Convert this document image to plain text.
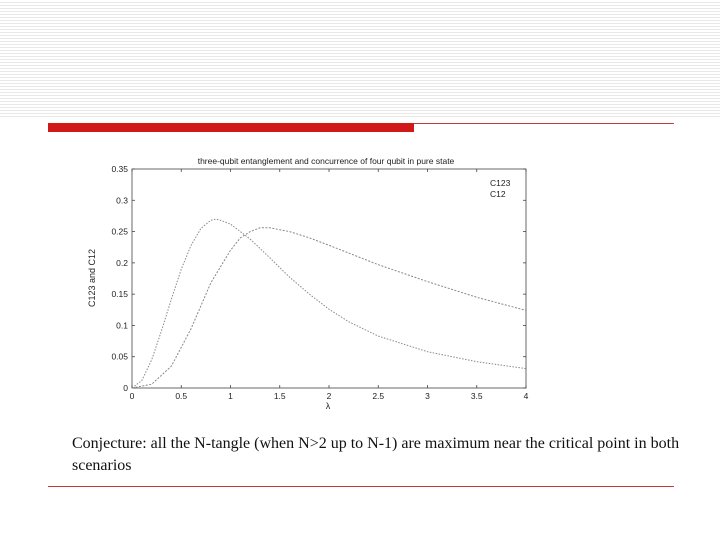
three-qubit entanglement and concurrence of four qubit in pure state
C123 and C12
λ
0	0.5	1	1.5	2	2.5	3	3.5	4
0
0.05
0.1
0.15
0.2
0.25
0.3
0.35
C123
C12
Conjecture: all the N-tangle (when N>2 up to N-1) are maximum near the critical point in both scenarios
